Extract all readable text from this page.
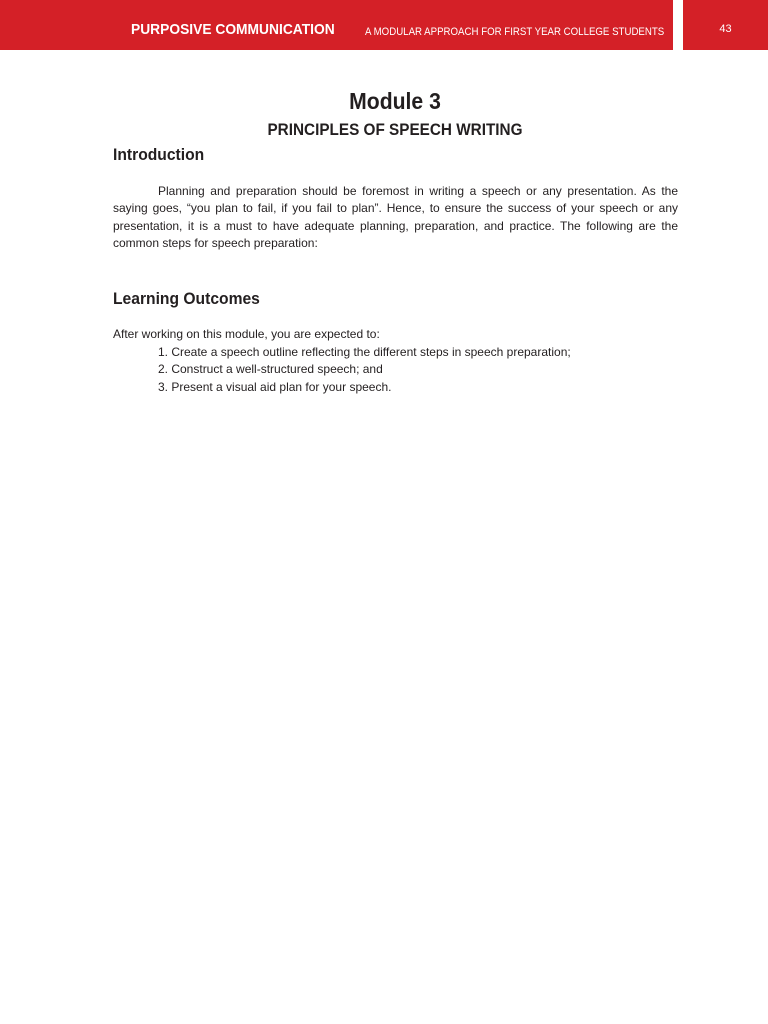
PURPOSIVE COMMUNICATION	A MODULAR APPROACH FOR FIRST YEAR COLLEGE STUDENTS	43
Module 3
PRINCIPLES OF SPEECH WRITING
Introduction

Planning and preparation should be foremost in writing a speech or any presentation. As the saying goes, “you plan to fail, if you fail to plan”. Hence, to ensure the success of your speech or any presentation, it is a must to have adequate planning, preparation, and practice. The following are the common steps for speech preparation:

Learning Outcomes
After working on this module, you are expected to:
1. Create a speech outline reflecting the different steps in speech preparation;
2. Construct a well-structured speech; and
3. Present a visual aid plan for your speech.
